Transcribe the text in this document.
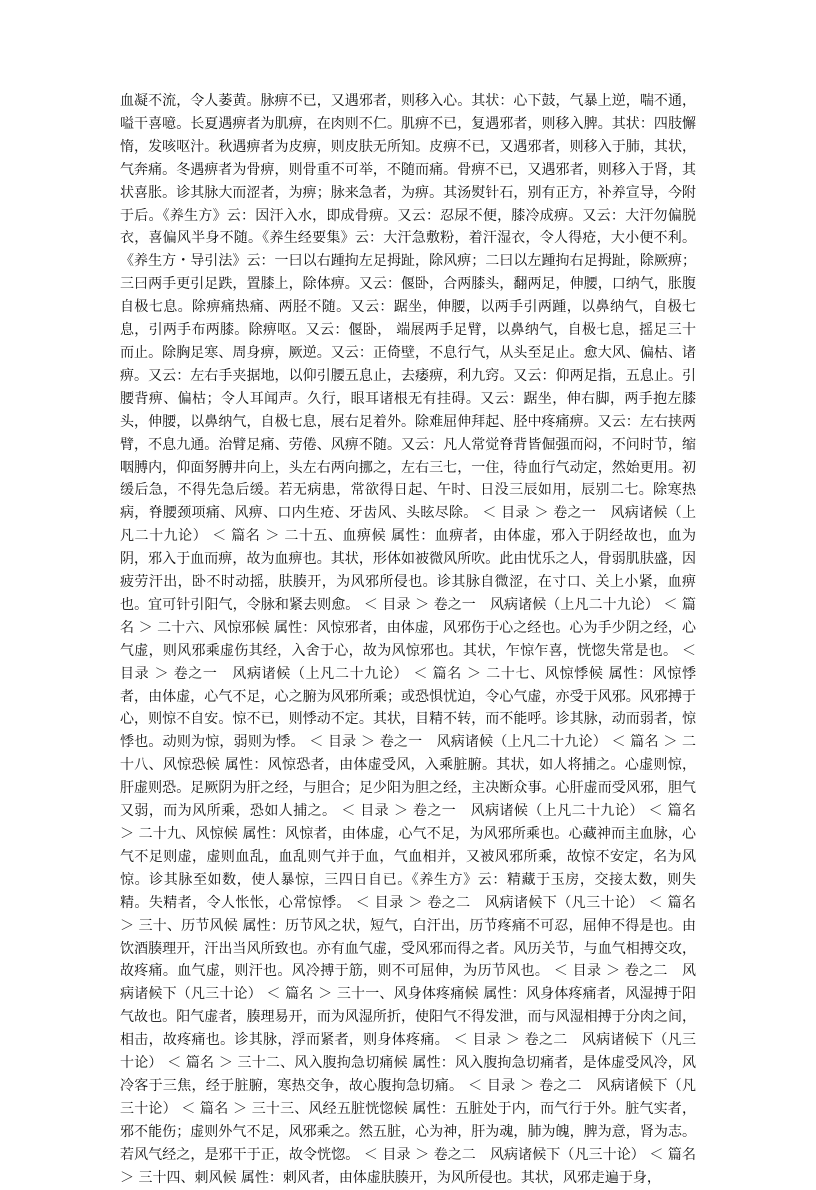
血凝不流，令人萎黄。脉痹不已，又遇邪者，则移入心。其状：心下鼓，气暴上逆，喘不通，嗌干喜噫。长夏遇痹者为肌痹，在肉则不仁。肌痹不已，复遇邪者，则移入脾。其状：四肢懈惰，发咳呕汁。秋遇痹者为皮痹，则皮肤无所知。皮痹不已，又遇邪者，则移入于肺，其状，气奔痛。冬遇痹者为骨痹，则骨重不可举，不随而痛。骨痹不已，又遇邪者，则移入于肾，其状喜胀。诊其脉大而涩者，为痹；脉来急者，为痹。其汤熨针石，别有正方，补养宣导，今附于后。《养生方》云：因汗入水，即成骨痹。又云：忍尿不便，膝冷成痹。又云：大汗勿偏脱衣，喜偏风半身不随。《养生经要集》云：大汗急敷粉，着汗湿衣，令人得疮，大小便不利。《养生方・导引法》云：一曰以右踵拘左足拇趾，除风痹；二曰以左踵拘右足拇趾，除厥痹；三曰两手更引足跌，置膝上，除体痹。又云：偃卧，合两膝头，翻两足，伸腰，口纳气，胀腹自极七息。除痹痛热痛、两胫不随。又云：踞坐，伸腰，以两手引两踵，以鼻纳气，自极七息，引两手布两膝。除痹呕。又云：偃卧， 端展两手足臂，以鼻纳气，自极七息，摇足三十而止。除胸足寒、周身痹，厥逆。又云：正倚壁，不息行气，从头至足止。愈大风、偏枯、诸痹。又云：左右手夹据地，以仰引腰五息止，去痿痹，利九窍。又云：仰两足指，五息止。引腰背痹、偏枯；令人耳闻声。久行，眼耳诸根无有挂碍。又云：踞坐，伸右脚，两手抱左膝头，伸腰，以鼻纳气，自极七息，展右足着外。除难屈伸拜起、胫中疼痛痹。又云：左右挟两臂，不息九通。治臂足痛、劳倦、风痹不随。又云：凡人常觉脊背皆倔强而闷，不问时节，缩咽膊内，仰面努膊井向上，头左右两向挪之，左右三七，一住，待血行气动定，然始更用。初缓后急，不得先急后缓。若无病患，常欲得日起、午时、日没三辰如用，辰别二七。除寒热病，脊腰颈项痛、风痹、口内生疮、牙齿风、头眩尽除。 ＜ 目录 ＞ 卷之一　风病诸候（上凡二十九论） ＜ 篇名 ＞ 二十五、血痹候 属性：血痹者，由体虚，邪入于阴经故也，血为阴，邪入于血而痹，故为血痹也。其状，形体如被微风所吹。此由忧乐之人，骨弱肌肤盛，因疲劳汗出，卧不时动摇，肤腠开，为风邪所侵也。诊其脉自微涩，在寸口、关上小紧，血痹也。宜可针引阳气，令脉和紧去则愈。 ＜ 目录 ＞ 卷之一　风病诸候（上凡二十九论） ＜ 篇名 ＞ 二十六、风惊邪候 属性：风惊邪者，由体虚，风邪伤于心之经也。心为手少阴之经，心气虚，则风邪乘虚伤其经，入舍于心，故为风惊邪也。其状，乍惊乍喜，恍惚失常是也。 ＜ 目录 ＞ 卷之一　风病诸候（上凡二十九论） ＜ 篇名 ＞ 二十七、风惊悸候 属性：风惊悸者，由体虚，心气不足，心之腑为风邪所乘；或恐惧忧迫，令心气虚，亦受于风邪。风邪搏于心，则惊不自安。惊不已，则悸动不定。其状，目精不转，而不能呼。诊其脉，动而弱者，惊悸也。动则为惊，弱则为悸。 ＜ 目录 ＞ 卷之一　风病诸候（上凡二十九论） ＜ 篇名 ＞ 二十八、风惊恐候 属性：风惊恐者，由体虚受风，入乘脏腑。其状，如人将捕之。心虚则惊，肝虚则恐。足厥阴为肝之经，与胆合；足少阳为胆之经，主决断众事。心肝虚而受风邪，胆气又弱，而为风所乘，恐如人捕之。 ＜ 目录 ＞ 卷之一　风病诸候（上凡二十九论） ＜ 篇名 ＞ 二十九、风惊候 属性：风惊者，由体虚，心气不足，为风邪所乘也。心藏神而主血脉，心气不足则虚，虚则血乱，血乱则气并于血，气血相并，又被风邪所乘，故惊不安定，名为风惊。诊其脉至如数，使人暴惊，三四日自已。《养生方》云：精藏于玉房，交接太数，则失精。失精者，令人怅怅，心常惊悸。 ＜ 目录 ＞ 卷之二　风病诸候下（凡三十论） ＜ 篇名 ＞ 三十、历节风候 属性：历节风之状，短气，白汗出，历节疼痛不可忍，屈伸不得是也。由饮酒腠理开，汗出当风所致也。亦有血气虚，受风邪而得之者。风历关节，与血气相搏交攻，故疼痛。血气虚，则汗也。风冷搏于筋，则不可屈伸，为历节风也。 ＜ 目录 ＞ 卷之二　风病诸候下（凡三十论） ＜ 篇名 ＞ 三十一、风身体疼痛候 属性：风身体疼痛者，风湿搏于阳气故也。阳气虚者，腠理易开，而为风湿所折，使阳气不得发泄，而与风湿相搏于分肉之间，相击，故疼痛也。诊其脉，浮而紧者，则身体疼痛。 ＜ 目录 ＞ 卷之二　风病诸候下（凡三十论） ＜ 篇名 ＞ 三十二、风入腹拘急切痛候 属性：风入腹拘急切痛者，是体虚受风冷，风冷客于三焦，经于脏腑，寒热交争，故心腹拘急切痛。 ＜ 目录 ＞ 卷之二　风病诸候下（凡三十论） ＜ 篇名 ＞ 三十三、风经五脏恍惚候 属性：五脏处于内，而气行于外。脏气实者，邪不能伤；虚则外气不足，风邪乘之。然五脏，心为神，肝为魂，肺为魄，脾为意，肾为志。若风气经之，是邪干于正，故令恍惚。 ＜ 目录 ＞ 卷之二　风病诸候下（凡三十论） ＜ 篇名 ＞ 三十四、刺风候 属性：刺风者，由体虚肤腠开，为风所侵也。其状，风邪走遍于身，
